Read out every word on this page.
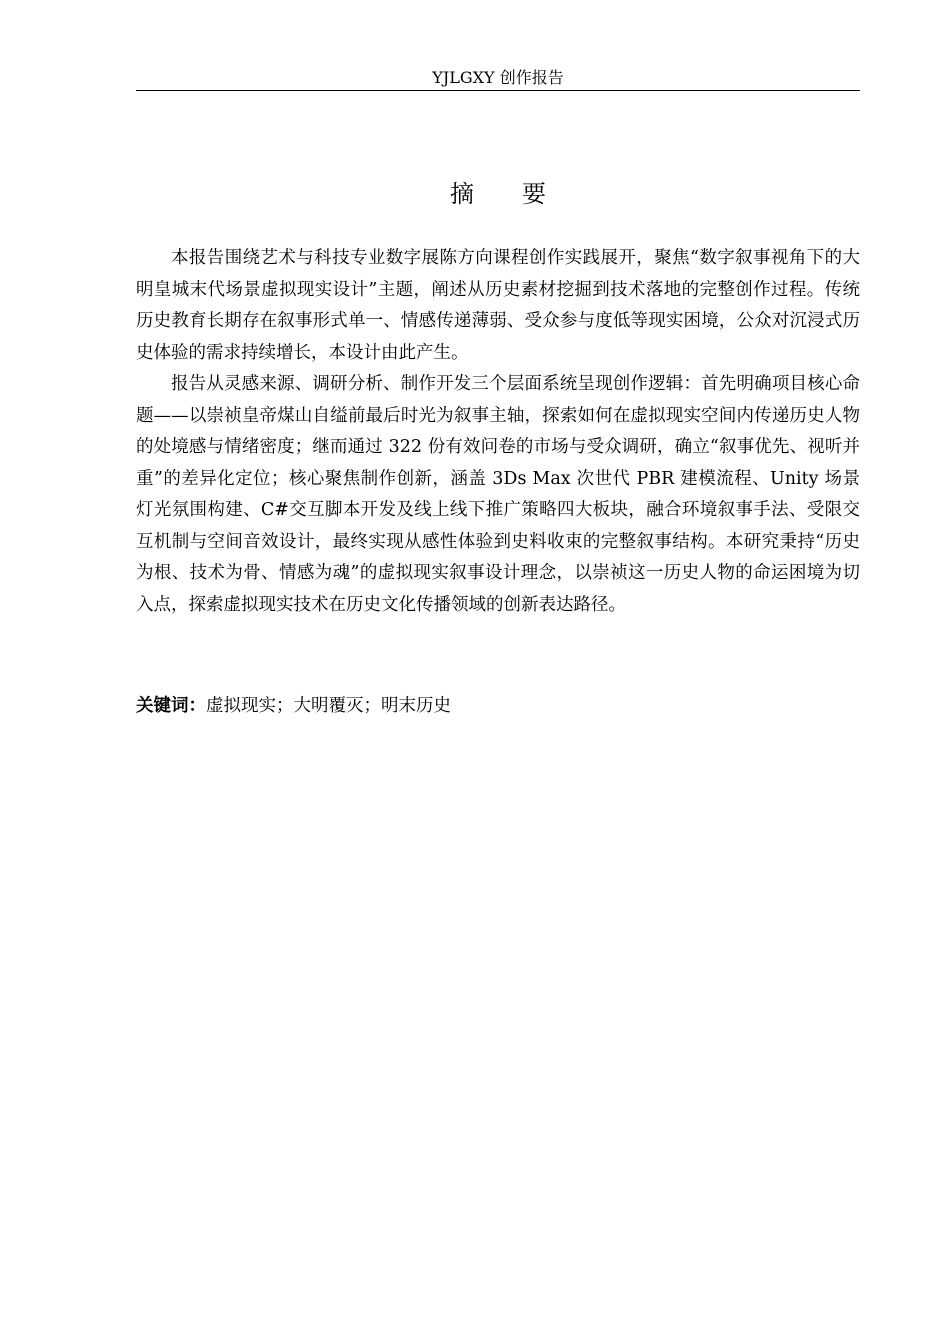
YJLGXY 创作报告
摘　　要

本报告围绕艺术与科技专业数字展陈方向课程创作实践展开，聚焦“数字叙事视角下的大明皇城末代场景虚拟现实设计”主题，阐述从历史素材挖掘到技术落地的完整创作过程。传统历史教育长期存在叙事形式单一、情感传递薄弱、受众参与度低等现实困境，公众对沉浸式历史体验的需求持续增长，本设计由此产生。

报告从灵感来源、调研分析、制作开发三个层面系统呈现创作逻辑：首先明确项目核心命题——以崇祯皇帝煤山自缢前最后时光为叙事主轴，探索如何在虚拟现实空间内传递历史人物的处境感与情绪密度；继而通过 322 份有效问卷的市场与受众调研，确立“叙事优先、视听并重”的差异化定位；核心聚焦制作创新，涵盖 3Ds Max 次世代 PBR 建模流程、Unity 场景灯光氛围构建、C#交互脚本开发及线上线下推广策略四大板块，融合环境叙事手法、受限交互机制与空间音效设计，最终实现从感性体验到史料收束的完整叙事结构。本研究秉持“历史为根、技术为骨、情感为魂”的虚拟现实叙事设计理念，以崇祯这一历史人物的命运困境为切入点，探索虚拟现实技术在历史文化传播领域的创新表达路径。

关键词：虚拟现实；大明覆灭；明末历史
